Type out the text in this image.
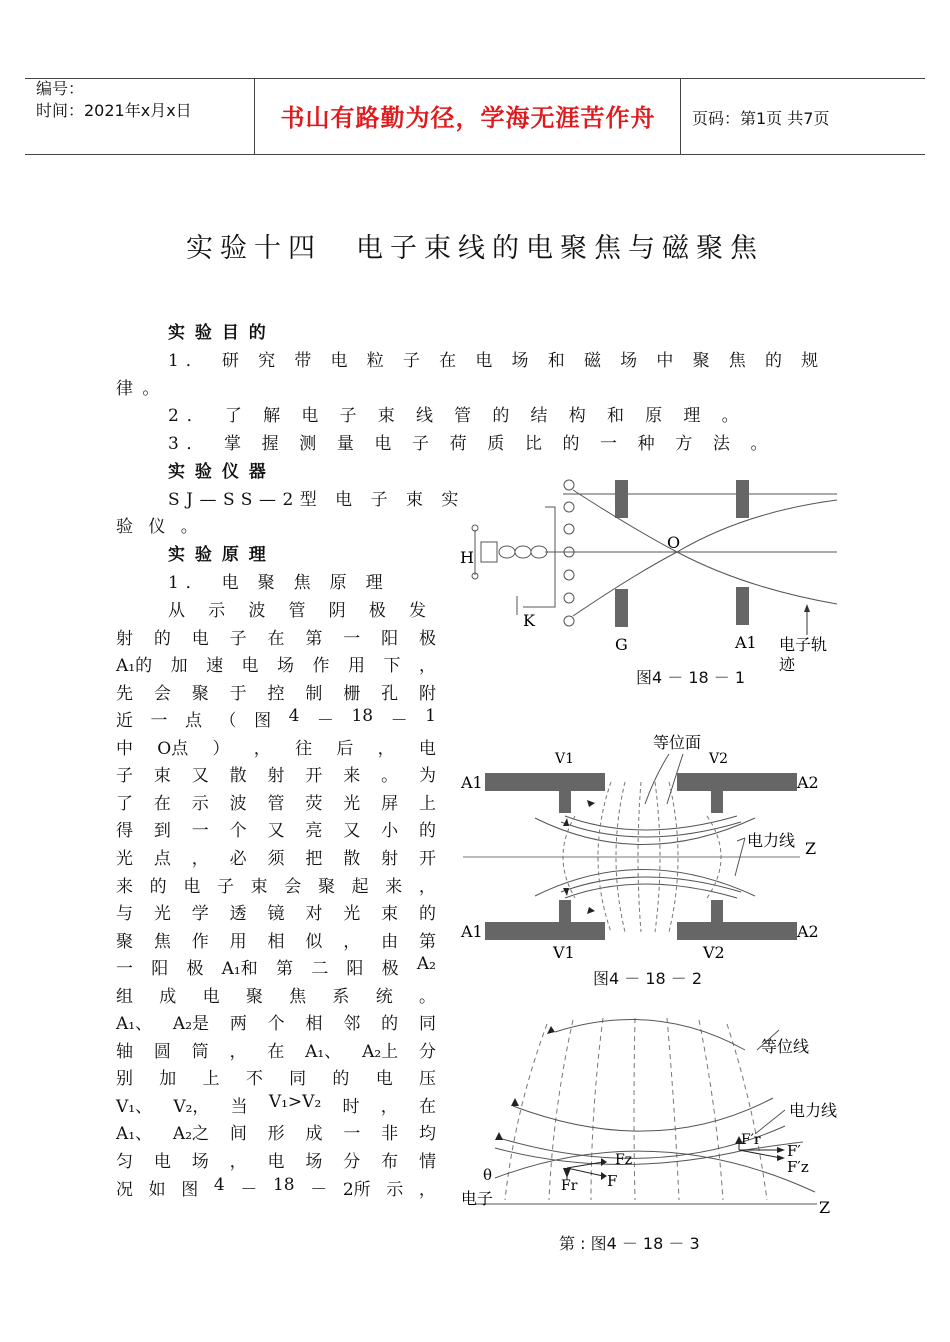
编号：
时间：2021年x月x日	书山有路勤为径，学海无涯苦作舟	页码：第1页 共7页
实验十四　电子束线的电聚焦与磁聚焦
实 验 目 的
1． 研 究 带 电 粒 子 在 电 场 和 磁 场 中 聚 焦 的 规
律 。
2． 了 解 电 子 束 线 管 的 结 构 和 原 理 。
3． 掌 握 测 量 电 子 荷 质 比 的 一 种 方 法 。
实 验 仪 器
SJ—SS—2型 电 子 束 实
验 仪 。
实 验 原 理
1． 电 聚 焦 原 理
从 示 波 管 阴 极 发
射 的 电 子 在 第 一 阳 极
A₁的 加 速 电 场 作 用 下 ，
先 会 聚 于 控 制 栅 孔 附
近 一 点 （ 图 4 － 18 － 1
中 O点 ） ， 往 后 ， 电
子 束 又 散 射 开 来 。 为
了 在 示 波 管 荧 光 屏 上
得 到 一 个 又 亮 又 小 的
光 点 ， 必 须 把 散 射 开
来 的 电 子 束 会 聚 起 来 ，
与 光 学 透 镜 对 光 束 的
聚 焦 作 用 相 似 ， 由 第
一 阳 极 A₁和 第 二 阳 极 A₂
组 成 电 聚 焦 系 统 。
A₁、 A₂是 两 个 相 邻 的 同
轴 圆 筒 ， 在 A₁、 A₂上 分
别 加 上 不 同 的 电 压
V₁、 V₂， 当 V₁>V₂ 时 ， 在
A₁、 A₂之 间 形 成 一 非 均
匀 电 场 ， 电 场 分 布 情
况 如 图 4 － 18 － 2所 示 ，
H
K
O
G	A1 电子轨
迹
图4 － 18 － 1
等位面
V1	V2
A1	A2
电力线 Z
A1	A2
V1	V2
图4 － 18 － 2
等位线
电力线
F′r
F′
F′z
Fz
Fr F
θ
电子	Z
第 : 图4 － 18 － 3
